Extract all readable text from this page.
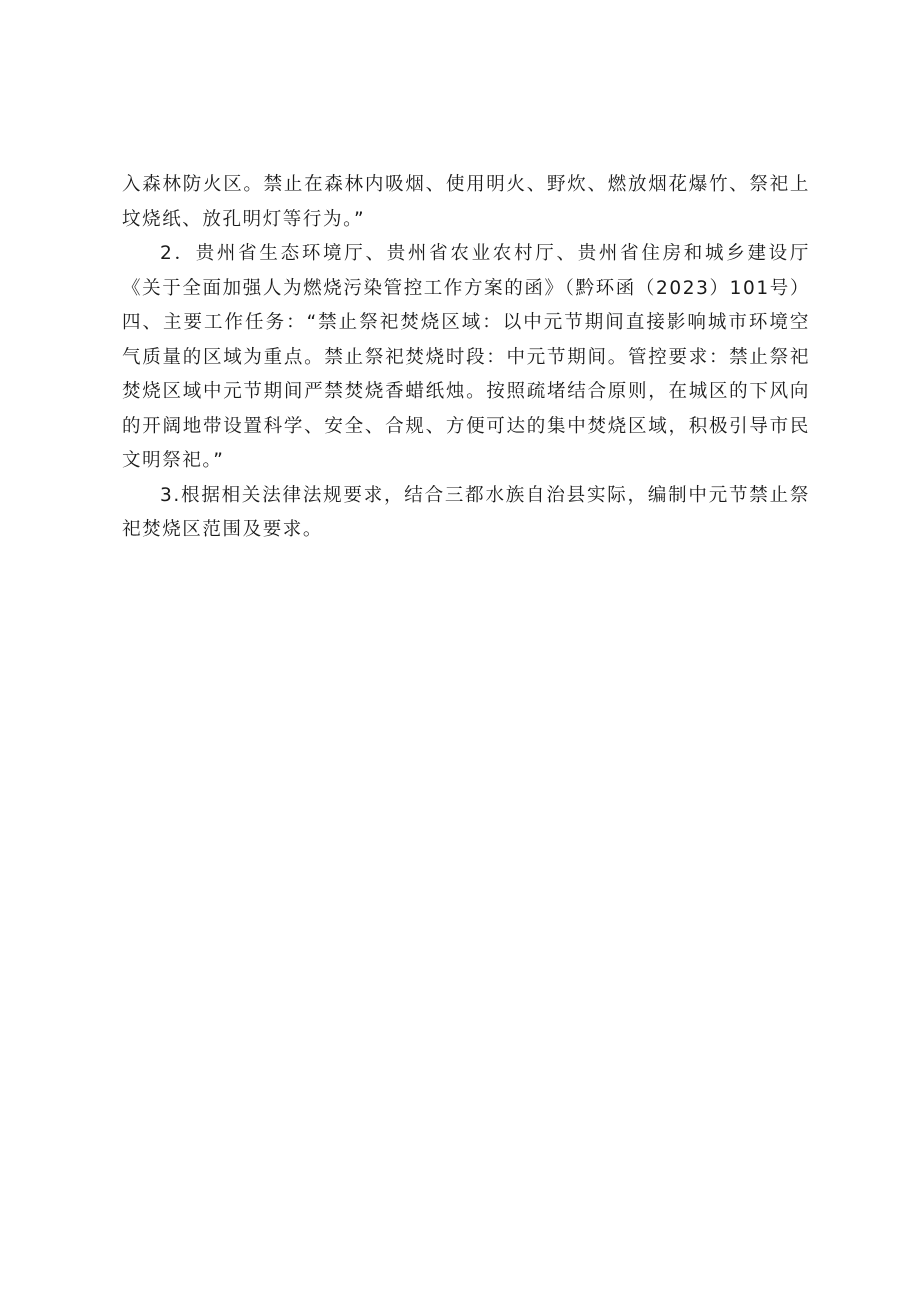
入森林防火区。禁止在森林内吸烟、使用明火、野炊、燃放烟花爆竹、祭祀上坟烧纸、放孔明灯等行为。”

2．贵州省生态环境厅、贵州省农业农村厅、贵州省住房和城乡建设厅《关于全面加强人为燃烧污染管控工作方案的函》（黔环函（2023）101号）四、主要工作任务：“禁止祭祀焚烧区域：以中元节期间直接影响城市环境空气质量的区域为重点。禁止祭祀焚烧时段：中元节期间。管控要求：禁止祭祀焚烧区域中元节期间严禁焚烧香蜡纸烛。按照疏堵结合原则，在城区的下风向的开阔地带设置科学、安全、合规、方便可达的集中焚烧区域，积极引导市民文明祭祀。”

3.根据相关法律法规要求，结合三都水族自治县实际，编制中元节禁止祭祀焚烧区范围及要求。
